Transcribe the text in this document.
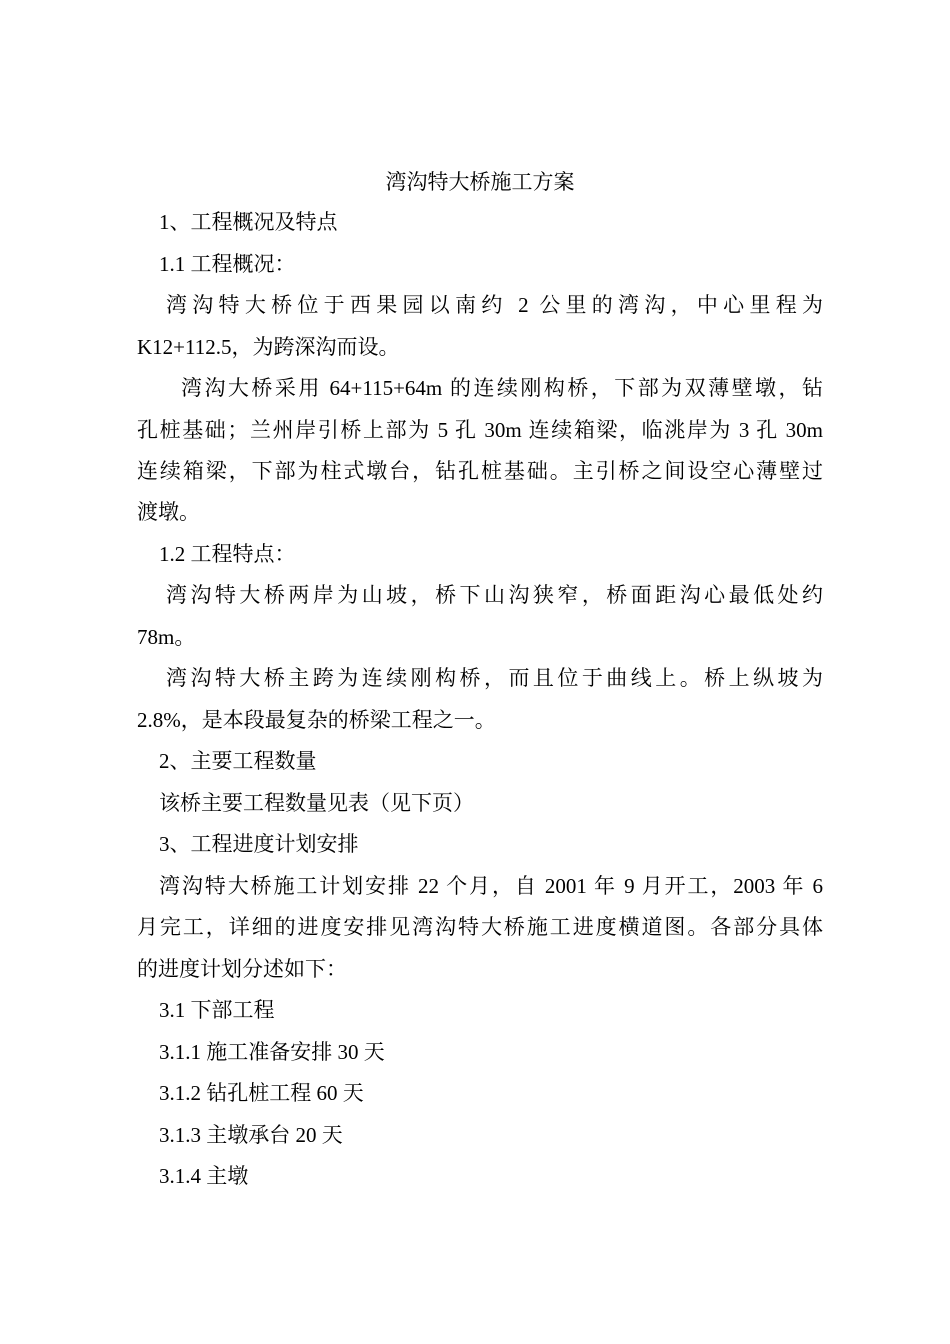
湾沟特大桥施工方案
1、工程概况及特点
1.1 工程概况：
湾沟特大桥位于西果园以南约 2 公里的湾沟，中心里程为
K12+112.5，为跨深沟而设。
湾沟大桥采用 64+115+64m 的连续刚构桥，下部为双薄壁墩，钻
孔桩基础；兰州岸引桥上部为 5 孔 30m 连续箱梁，临洮岸为 3 孔 30m
连续箱梁，下部为柱式墩台，钻孔桩基础。主引桥之间设空心薄壁过
渡墩。
1.2 工程特点：
湾沟特大桥两岸为山坡，桥下山沟狭窄，桥面距沟心最低处约
78m。
湾沟特大桥主跨为连续刚构桥，而且位于曲线上。桥上纵坡为
2.8%，是本段最复杂的桥梁工程之一。
2、主要工程数量
该桥主要工程数量见表（见下页）
3、工程进度计划安排
湾沟特大桥施工计划安排 22 个月，自 2001 年 9 月开工，2003 年 6
月完工，详细的进度安排见湾沟特大桥施工进度横道图。各部分具体
的进度计划分述如下：
3.1 下部工程
3.1.1 施工准备安排 30 天
3.1.2 钻孔桩工程 60 天
3.1.3 主墩承台 20 天
3.1.4 主墩
